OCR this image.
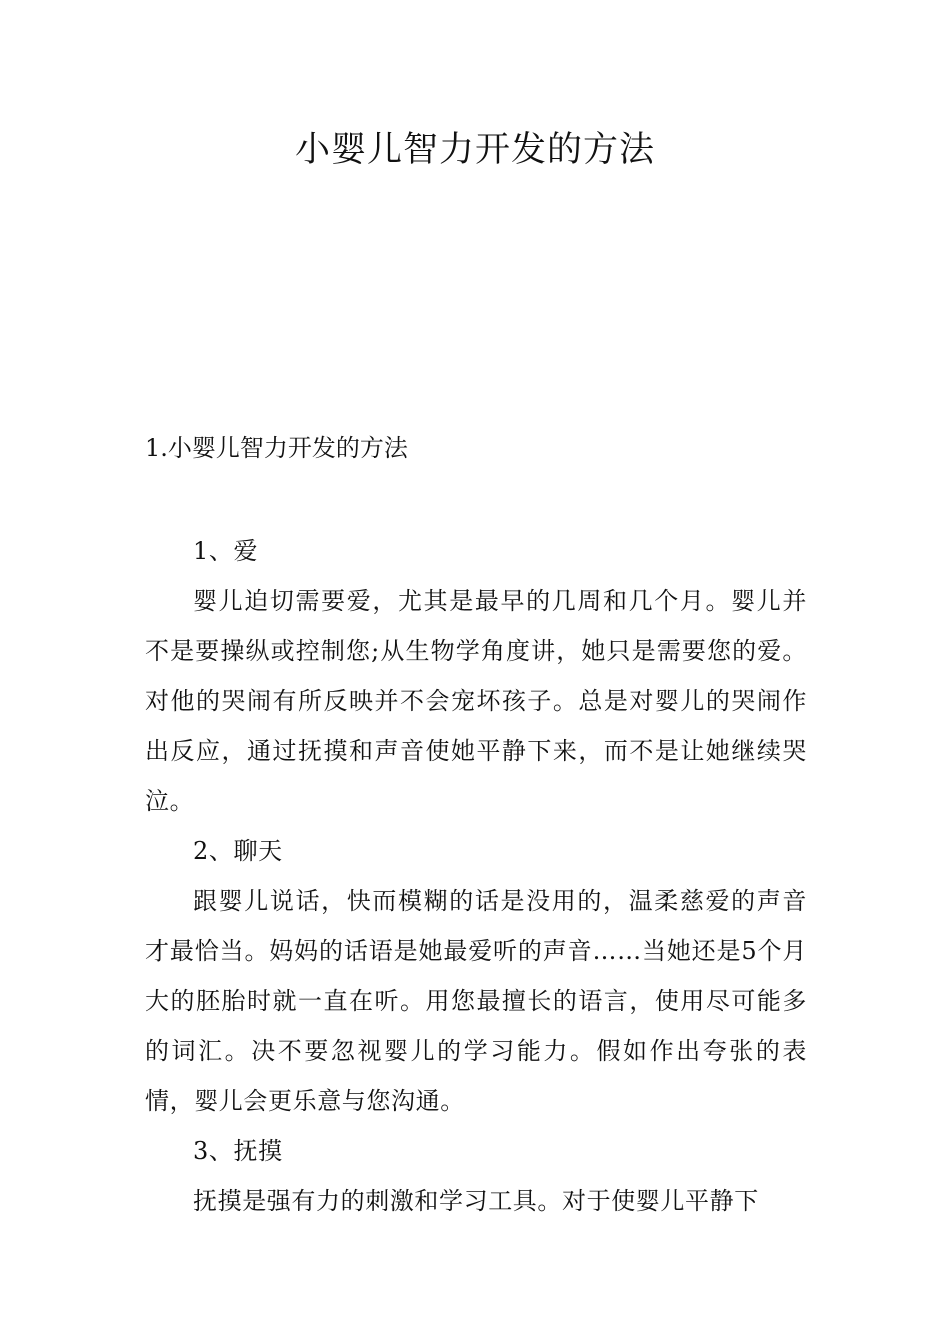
小婴儿智力开发的方法
1.小婴儿智力开发的方法

1、爱

婴儿迫切需要爱，尤其是最早的几周和几个月。婴儿并不是要操纵或控制您;从生物学角度讲，她只是需要您的爱。对他的哭闹有所反映并不会宠坏孩子。总是对婴儿的哭闹作出反应，通过抚摸和声音使她平静下来，而不是让她继续哭泣。

2、聊天

跟婴儿说话，快而模糊的话是没用的，温柔慈爱的声音才最恰当。妈妈的话语是她最爱听的声音……当她还是5个月大的胚胎时就一直在听。用您最擅长的语言，使用尽可能多的词汇。决不要忽视婴儿的学习能力。假如作出夸张的表情，婴儿会更乐意与您沟通。

3、抚摸

抚摸是强有力的刺激和学习工具。对于使婴儿平静下
